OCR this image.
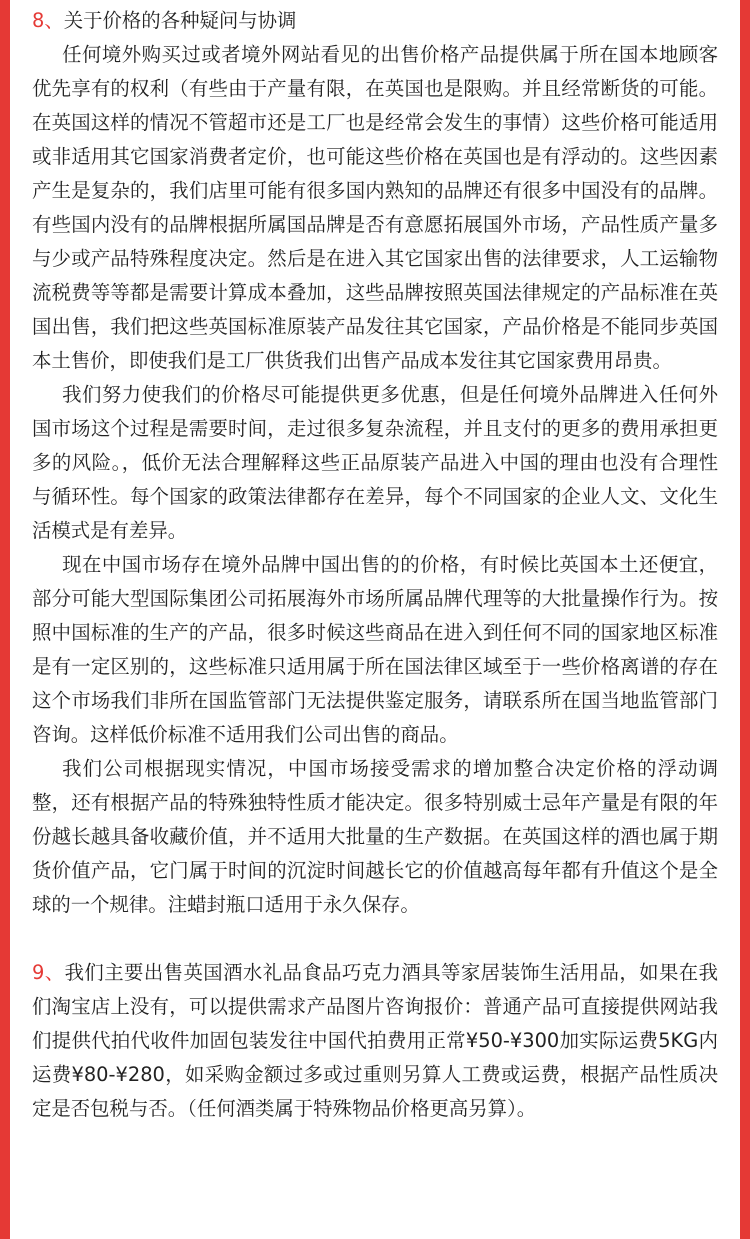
8、关于价格的各种疑问与协调

任何境外购买过或者境外网站看见的出售价格产品提供属于所在国本地顾客优先享有的权利（有些由于产量有限，在英国也是限购。并且经常断货的可能。在英国这样的情况不管超市还是工厂也是经常会发生的事情）这些价格可能适用或非适用其它国家消费者定价，也可能这些价格在英国也是有浮动的。这些因素产生是复杂的，我们店里可能有很多国内熟知的品牌还有很多中国没有的品牌。有些国内没有的品牌根据所属国品牌是否有意愿拓展国外市场，产品性质产量多与少或产品特殊程度决定。然后是在进入其它国家出售的法律要求，人工运输物流税费等等都是需要计算成本叠加，这些品牌按照英国法律规定的产品标准在英国出售，我们把这些英国标准原装产品发往其它国家，产品价格是不能同步英国本土售价，即使我们是工厂供货我们出售产品成本发往其它国家费用昂贵。

我们努力使我们的价格尽可能提供更多优惠，但是任何境外品牌进入任何外国市场这个过程是需要时间，走过很多复杂流程，并且支付的更多的费用承担更多的风险。，低价无法合理解释这些正品原装产品进入中国的理由也没有合理性与循环性。每个国家的政策法律都存在差异，每个不同国家的企业人文、文化生活模式是有差异。

现在中国市场存在境外品牌中国出售的的价格，有时候比英国本土还便宜，部分可能大型国际集团公司拓展海外市场所属品牌代理等的大批量操作行为。按照中国标准的生产的产品，很多时候这些商品在进入到任何不同的国家地区标准是有一定区别的，这些标准只适用属于所在国法律区域至于一些价格离谱的存在这个市场我们非所在国监管部门无法提供鉴定服务，请联系所在国当地监管部门咨询。这样低价标准不适用我们公司出售的商品。

我们公司根据现实情况，中国市场接受需求的增加整合决定价格的浮动调整，还有根据产品的特殊独特性质才能决定。很多特别威士忌年产量是有限的年份越长越具备收藏价值，并不适用大批量的生产数据。在英国这样的酒也属于期货价值产品，它门属于时间的沉淀时间越长它的价值越高每年都有升值这个是全球的一个规律。注蜡封瓶口适用于永久保存。

9、我们主要出售英国酒水礼品食品巧克力酒具等家居装饰生活用品，如果在我们淘宝店上没有，可以提供需求产品图片咨询报价：普通产品可直接提供网站我们提供代拍代收件加固包装发往中国代拍费用正常¥50-¥300加实际运费5KG内运费¥80-¥280，如采购金额过多或过重则另算人工费或运费，根据产品性质决定是否包税与否。（任何酒类属于特殊物品价格更高另算）。
